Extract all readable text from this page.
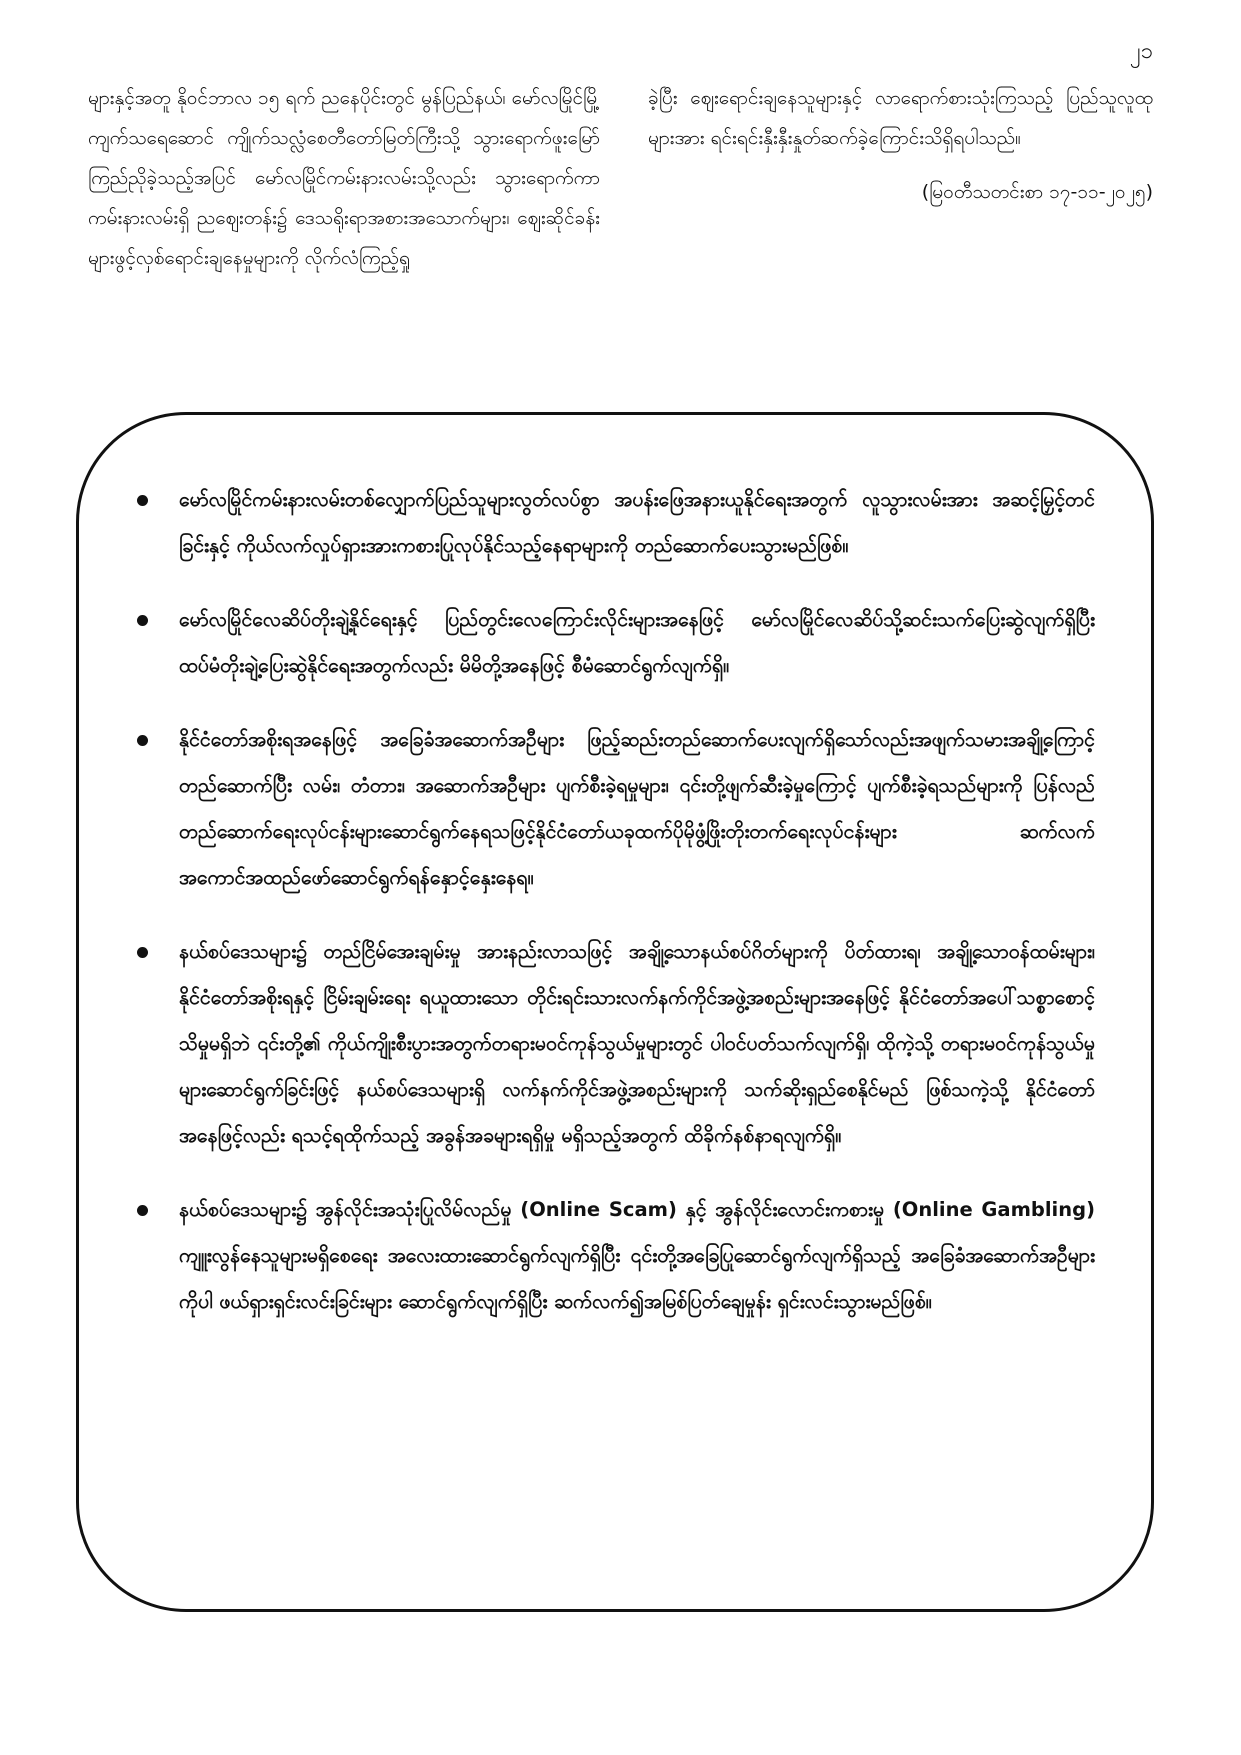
၂၁

များနှင့်အတူ နိုဝင်ဘာလ ၁၅ ရက် ညနေပိုင်းတွင် မွန်ပြည်နယ်၊ မော်လမြိုင်မြို့ကျက်သရေဆောင် ကျိုက်သလ္လံစေတီတော်မြတ်ကြီးသို့ သွားရောက်ဖူးမြော်ကြည်ညိုခဲ့သည့်အပြင် မော်လမြိုင်ကမ်းနားလမ်းသို့လည်း သွားရောက်ကာ ကမ်းနားလမ်းရှိ ညဈေးတန်း၌ ဒေသရိုးရာအစားအသောက်များ၊ ဈေးဆိုင်ခန်းများဖွင့်လှစ်ရောင်းချနေမှုများကို လိုက်လံကြည့်ရှု

ခဲ့ပြီး ဈေးရောင်းချနေသူများနှင့် လာရောက်စားသုံးကြသည့် ပြည်သူလူထုများအား ရင်းရင်းနှီးနှီးနှုတ်ဆက်ခဲ့ကြောင်းသိရှိရပါသည်။

(မြဝတီသတင်းစာ ၁၇-၁၁-၂၀၂၅)

မော်လမြိုင်ကမ်းနားလမ်းတစ်လျှောက်ပြည်သူများလွတ်လပ်စွာ အပန်းဖြေအနားယူနိုင်ရေးအတွက် လူသွားလမ်းအား အဆင့်မြှင့်တင်ခြင်းနှင့် ကိုယ်လက်လှုပ်ရှားအားကစားပြုလုပ်နိုင်သည့်နေရာများကို တည်ဆောက်ပေးသွားမည်ဖြစ်။
မော်လမြိုင်လေဆိပ်တိုးချဲ့နိုင်ရေးနှင့် ပြည်တွင်းလေကြောင်းလိုင်းများအနေဖြင့် မော်လမြိုင်လေဆိပ်သို့ဆင်းသက်ပြေးဆွဲလျက်ရှိပြီး ထပ်မံတိုးချဲ့ပြေးဆွဲနိုင်ရေးအတွက်လည်း မိမိတို့အနေဖြင့် စီမံဆောင်ရွက်လျက်ရှိ။
နိုင်ငံတော်အစိုးရအနေဖြင့် အခြေခံအဆောက်အဦများ ဖြည့်ဆည်းတည်ဆောက်ပေးလျက်ရှိသော်လည်းအဖျက်သမားအချို့ကြောင့် တည်ဆောက်ပြီး လမ်း၊ တံတား၊ အဆောက်အဦများ ပျက်စီးခဲ့ရမှုများ၊ ၎င်းတို့ဖျက်ဆီးခဲ့မှုကြောင့် ပျက်စီးခဲ့ရသည်များကို ပြန်လည်တည်ဆောက်ရေးလုပ်ငန်းများဆောင်ရွက်နေရသဖြင့်နိုင်ငံတော်ယခုထက်ပိုမိုဖွံ့ဖြိုးတိုးတက်ရေးလုပ်ငန်းများ ဆက်လက်အကောင်အထည်ဖော်ဆောင်ရွက်ရန်နှောင့်နှေးနေရ။
နယ်စပ်ဒေသများ၌ တည်ငြိမ်အေးချမ်းမှု အားနည်းလာသဖြင့် အချို့သောနယ်စပ်ဂိတ်များကို ပိတ်ထားရ၊ အချို့သောဝန်ထမ်းများ၊ နိုင်ငံတော်အစိုးရနှင့် ငြိမ်းချမ်းရေး ရယူထားသော တိုင်းရင်းသားလက်နက်ကိုင်အဖွဲ့အစည်းများအနေဖြင့် နိုင်ငံတော်အပေါ်သစ္စာစောင့်သိမှုမရှိဘဲ ၎င်းတို့၏ ကိုယ်ကျိုးစီးပွားအတွက်တရားမဝင်ကုန်သွယ်မှုများတွင် ပါဝင်ပတ်သက်လျက်ရှိ၊ ထိုကဲ့သို့ တရားမဝင်ကုန်သွယ်မှုများဆောင်ရွက်ခြင်းဖြင့် နယ်စပ်ဒေသများရှိ လက်နက်ကိုင်အဖွဲ့အစည်းများကို သက်ဆိုးရှည်စေနိုင်မည် ဖြစ်သကဲ့သို့ နိုင်ငံတော်အနေဖြင့်လည်း ရသင့်ရထိုက်သည့် အခွန်အခများရရှိမှု မရှိသည့်အတွက် ထိခိုက်နစ်နာရလျက်ရှိ။
နယ်စပ်ဒေသများ၌ အွန်လိုင်းအသုံးပြုလိမ်လည်မှု (Online Scam) နှင့် အွန်လိုင်းလောင်းကစားမှု (Online Gambling) ကျူးလွန်နေသူများမရှိစေရေး အလေးထားဆောင်ရွက်လျက်ရှိပြီး ၎င်းတို့အခြေပြုဆောင်ရွက်လျက်ရှိသည့် အခြေခံအဆောက်အဦများကိုပါ ဖယ်ရှားရှင်းလင်းခြင်းများ ဆောင်ရွက်လျက်ရှိပြီး ဆက်လက်၍အမြစ်ပြတ်ချေမှုန်း ရှင်းလင်းသွားမည်ဖြစ်။
